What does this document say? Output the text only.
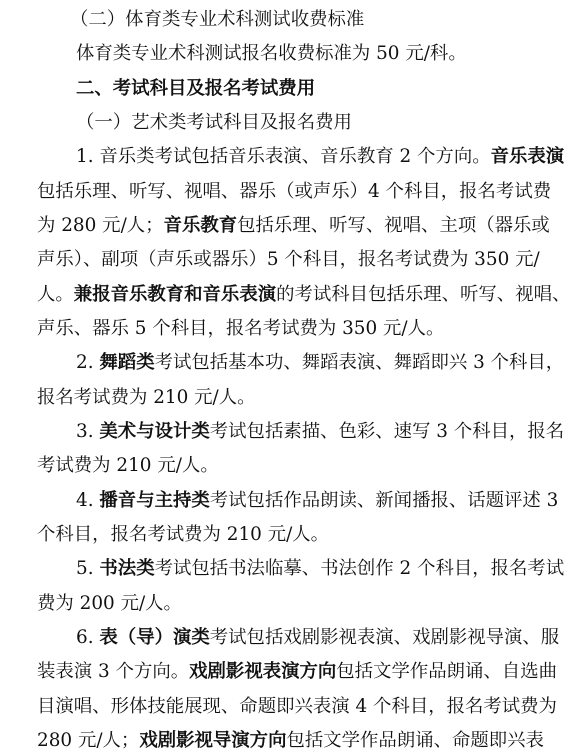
（二）体育类专业术科测试收费标准
体育类专业术科测试报名收费标准为 50 元/科。
二、考试科目及报名考试费用
（一）艺术类考试科目及报名费用
1. 音乐类考试包括音乐表演、音乐教育 2 个方向。音乐表演
包括乐理、听写、视唱、器乐（或声乐）4 个科目，报名考试费
为 280 元/人；音乐教育包括乐理、听写、视唱、主项（器乐或
声乐）、副项（声乐或器乐）5 个科目，报名考试费为 350 元/
人。兼报音乐教育和音乐表演的考试科目包括乐理、听写、视唱、
声乐、器乐 5 个科目，报名考试费为 350 元/人。
2. 舞蹈类考试包括基本功、舞蹈表演、舞蹈即兴 3 个科目，
报名考试费为 210 元/人。
3. 美术与设计类考试包括素描、色彩、速写 3 个科目，报名
考试费为 210 元/人。
4. 播音与主持类考试包括作品朗读、新闻播报、话题评述 3
个科目，报名考试费为 210 元/人。
5. 书法类考试包括书法临摹、书法创作 2 个科目，报名考试
费为 200 元/人。
6. 表（导）演类考试包括戏剧影视表演、戏剧影视导演、服
装表演 3 个方向。戏剧影视表演方向包括文学作品朗诵、自选曲
目演唱、形体技能展现、命题即兴表演 4 个科目，报名考试费为
280 元/人；戏剧影视导演方向包括文学作品朗诵、命题即兴表
